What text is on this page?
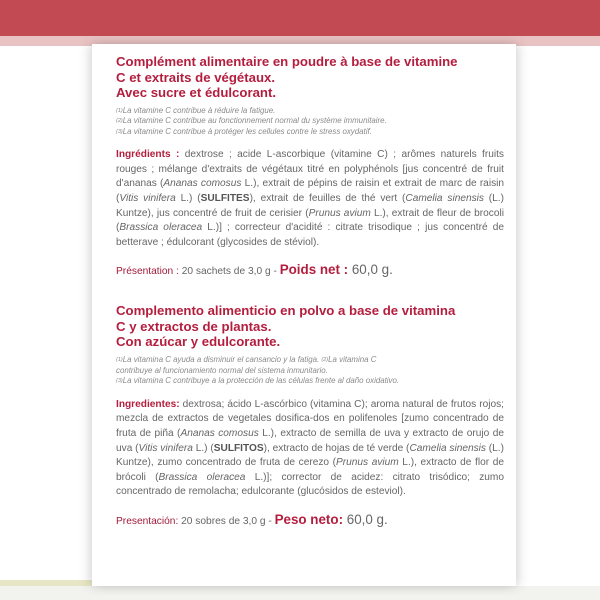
Complément alimentaire en poudre à base de vitamine
C et extraits de végétaux.
Avec sucre et édulcorant.
$^{(1)}$La vitamine C contribue à réduire la fatigue.
$^{(2)}$La vitamine C contribue au fonctionnement normal du système immunitaire.
$^{(3)}$La vitamine C contribue à protéger les cellules contre le stress oxydatif.
Ingrédients : dextrose ; acide L-ascorbique (vitamine C) ; arômes naturels fruits rouges ; mélange d'extraits de végétaux titré en polyphénols [jus concentré de fruit d'ananas (Ananas comosus L.), extrait de pépins de raisin et extrait de marc de raisin (Vitis vinifera L.) (SULFITES), extrait de feuilles de thé vert (Camelia sinensis (L.) Kuntze), jus concentré de fruit de cerisier (Prunus avium L.), extrait de fleur de brocoli (Brassica oleracea L.)] ; correcteur d'acidité : citrate trisodique ; jus concentré de betterave ; édulcorant (glycosides de stéviol).
Présentation : 20 sachets de 3,0 g - Poids net : 60,0 g.
Complemento alimenticio en polvo a base de vitamina
C y extractos de plantas.
Con azúcar y edulcorante.
$^{(1)}$La vitamina C ayuda a disminuir el cansancio y la fatiga. $^{(2)}$La vitamina C
contribuye al funcionamiento normal del sistema inmunitario.
$^{(3)}$La vitamina C contribuye a la protección de las células frente al daño oxidativo.
Ingredientes: dextrosa; ácido L-ascórbico (vitamina C); aroma natural de frutos rojos; mezcla de extractos de vegetales dosifica-dos en polifenoles [zumo concentrado de fruta de piña (Ananas comosus L.), extracto de semilla de uva y extracto de orujo de uva (Vitis vinifera L.) (SULFITOS), extracto de hojas de té verde (Camelia sinensis (L.) Kuntze), zumo concentrado de fruta de cerezo (Prunus avium L.), extracto de flor de brócoli (Brassica oleracea L.)]; corrector de acidez: citrato trisódico; zumo concentrado de remolacha; edulcorante (glucósidos de esteviol).
Presentación: 20 sobres de 3,0 g - Peso neto: 60,0 g.
